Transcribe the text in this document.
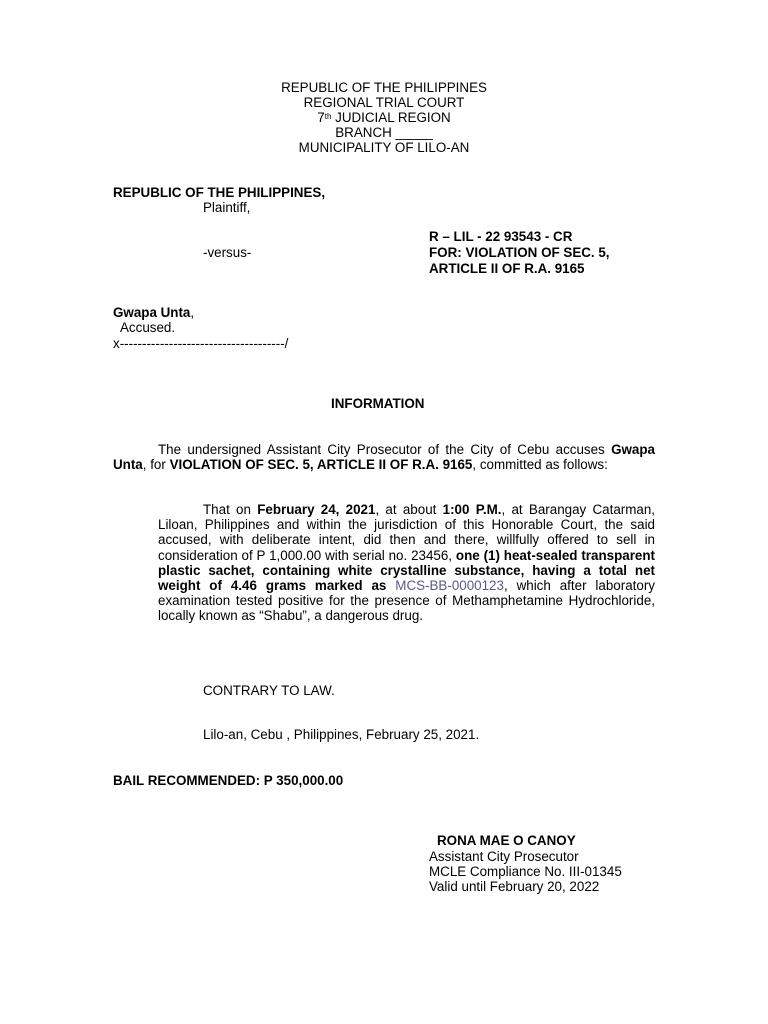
REPUBLIC OF THE PHILIPPINES
REGIONAL TRIAL COURT
7th JUDICIAL REGION
BRANCH _____
MUNICIPALITY OF LILO-AN
REPUBLIC OF THE PHILIPPINES,
Plaintiff,
R – LIL - 22 93543 - CR
-versus-	FOR: VIOLATION OF SEC. 5,
ARTICLE II OF R.A. 9165
Gwapa Unta,
Accused.
x-------------------------------------/
INFORMATION
The undersigned Assistant City Prosecutor of the City of Cebu accuses Gwapa Unta, for VIOLATION OF SEC. 5, ARTICLE II OF R.A. 9165, committed as follows:
That on February 24, 2021, at about 1:00 P.M., at Barangay Catarman, Liloan, Philippines and within the jurisdiction of this Honorable Court, the said accused, with deliberate intent, did then and there, willfully offered to sell in consideration of P 1,000.00 with serial no. 23456, one (1) heat-sealed transparent plastic sachet, containing white crystalline substance, having a total net weight of 4.46 grams marked as MCS-BB-0000123, which after laboratory examination tested positive for the presence of Methamphetamine Hydrochloride, locally known as “Shabu”, a dangerous drug.
CONTRARY TO LAW.
Lilo-an, Cebu , Philippines, February 25, 2021.
BAIL RECOMMENDED: P 350,000.00
RONA MAE O CANOY
Assistant City Prosecutor
MCLE Compliance No. III-01345
Valid until February 20, 2022
